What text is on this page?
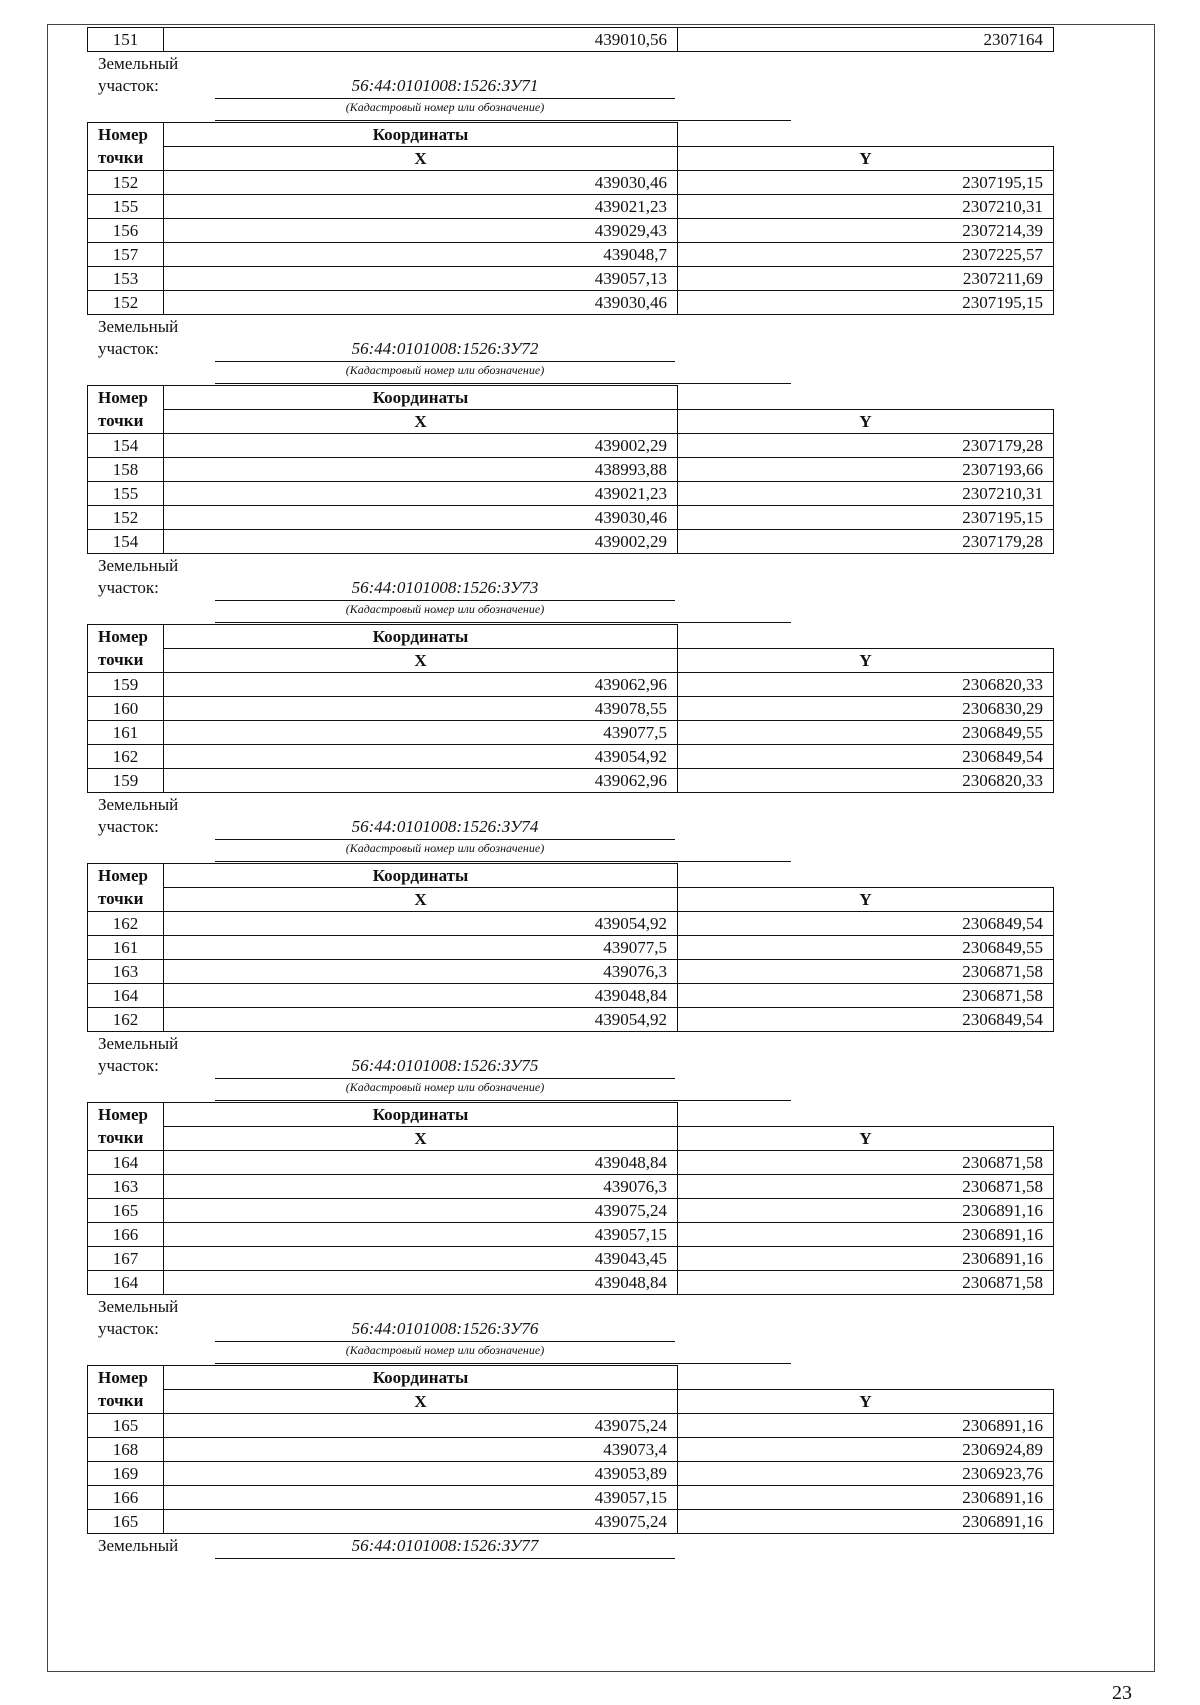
151	439010,56	2307164
Земельный
участок:	56:44:0101008:1526:ЗУ71
(Кадастровый номер или обозначение)
Номер	Координаты	
точки	X	Y
152	439030,46	2307195,15
155	439021,23	2307210,31
156	439029,43	2307214,39
157	439048,7	2307225,57
153	439057,13	2307211,69
152	439030,46	2307195,15
Земельный
участок:	56:44:0101008:1526:ЗУ72
(Кадастровый номер или обозначение)
Номер	Координаты	
точки	X	Y
154	439002,29	2307179,28
158	438993,88	2307193,66
155	439021,23	2307210,31
152	439030,46	2307195,15
154	439002,29	2307179,28
Земельный
участок:	56:44:0101008:1526:ЗУ73
(Кадастровый номер или обозначение)
Номер	Координаты	
точки	X	Y
159	439062,96	2306820,33
160	439078,55	2306830,29
161	439077,5	2306849,55
162	439054,92	2306849,54
159	439062,96	2306820,33
Земельный
участок:	56:44:0101008:1526:ЗУ74
(Кадастровый номер или обозначение)
Номер	Координаты	
точки	X	Y
162	439054,92	2306849,54
161	439077,5	2306849,55
163	439076,3	2306871,58
164	439048,84	2306871,58
162	439054,92	2306849,54
Земельный
участок:	56:44:0101008:1526:ЗУ75
(Кадастровый номер или обозначение)
Номер	Координаты	
точки	X	Y
164	439048,84	2306871,58
163	439076,3	2306871,58
165	439075,24	2306891,16
166	439057,15	2306891,16
167	439043,45	2306891,16
164	439048,84	2306871,58
Земельный
участок:	56:44:0101008:1526:ЗУ76
(Кадастровый номер или обозначение)
Номер	Координаты	
точки	X	Y
165	439075,24	2306891,16
168	439073,4	2306924,89
169	439053,89	2306923,76
166	439057,15	2306891,16
165	439075,24	2306891,16
Земельный	56:44:0101008:1526:ЗУ77
23
